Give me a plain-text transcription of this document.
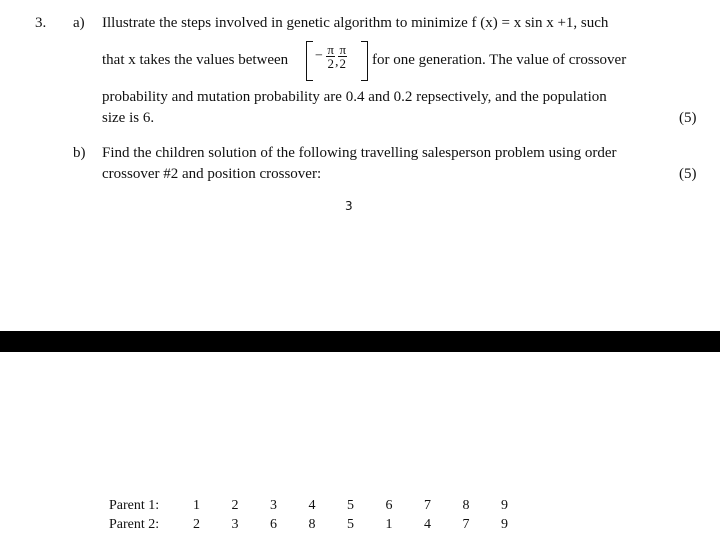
3. a) Illustrate the steps involved in genetic algorithm to minimize f (x) = x sin x +1, such
that x takes the values between − $\frac{\pi}{2}$ , $\frac{\pi}{2}$ for one generation. The value of crossover
probability and mutation probability are 0.4 and 0.2 repsectively, and the population
size is 6.	(5)
b) Find the children solution of the following travelling salesperson problem using order
crossover #2 and position crossover:	(5)
3
Parent 1:	1	2	3	4	5	6	7	8	9
Parent 2:	2	3	6	8	5	1	4	7	9
